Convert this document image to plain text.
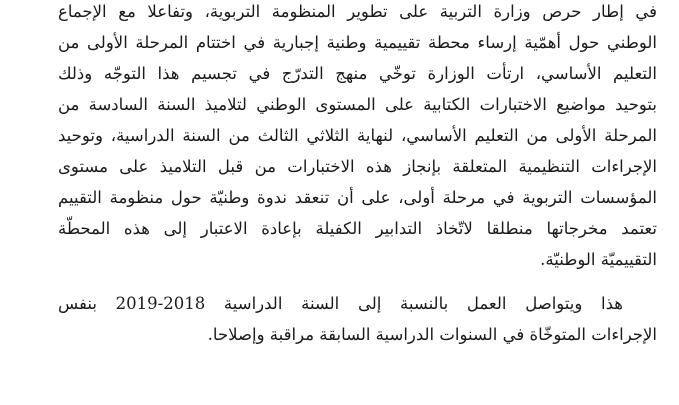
في إطار حرص وزارة التربية على تطوير المنظومة التربوية، وتفاعلا مع الإجماع
الوطني حول أهمّية إرساء محطة تقييمية وطنية إجبارية في اختتام المرحلة الأولى من
التعليم الأساسي، ارتأت الوزارة توخّي منهج التدرّج في تجسيم هذا التوجّه وذلك
بتوحيد مواضيع الاختبارات الكتابية على المستوى الوطني لتلاميذ السنة السادسة من
المرحلة الأولى من التعليم الأساسي، لنهاية الثلاثي الثالث من السنة الدراسية، وتوحيد
الإجراءات التنظيمية المتعلقة بإنجاز هذه الاختبارات من قبل التلاميذ على مستوى
المؤسسات التربوية في مرحلة أولى، على أن تنعقد ندوة وطنيّة حول منظومة التقييم
تعتمد مخرجاتها منطلقا لاتّخاذ التدابير الكفيلة بإعادة الاعتبار إلى هذه المحطّة
التقييميّة الوطنيّة.
هذا ويتواصل العمل بالنسبة إلى السنة الدراسية 2018-2019 بنفس
الإجراءات المتوخّاة في السنوات الدراسية السابقة مراقبة وإصلاحا.
